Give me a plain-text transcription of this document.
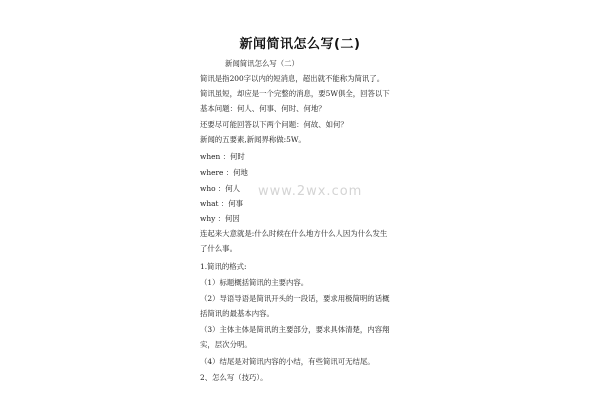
新闻简讯怎么写(二)
新闻简讯怎么写（二）
简讯是指200字以内的短消息，超出就不能称为简讯了。
简讯虽短，却应是一个完整的消息，要5W俱全，回答以下
基本问题：何人、何事、何时、何地？
还要尽可能回答以下两个问题：何故、如何？
新闻的五要素,新闻界称做:5W。
when ：何时
where ：何地
who ：何人
what ：何事
why ：何因
连起来大意就是:什么时候在什么地方什么人因为什么发生
了什么事。
1.简讯的格式:
（1）标题概括简讯的主要内容。
（2）导语导语是简讯开头的一段话，要求用极简明的话概
括简讯的最基本内容。
（3）主体主体是简讯的主要部分，要求具体清楚，内容翔
实，层次分明。
（4）结尾是对简讯内容的小结，有些简讯可无结尾。
2、怎么写（技巧）。
www.2wx.com
